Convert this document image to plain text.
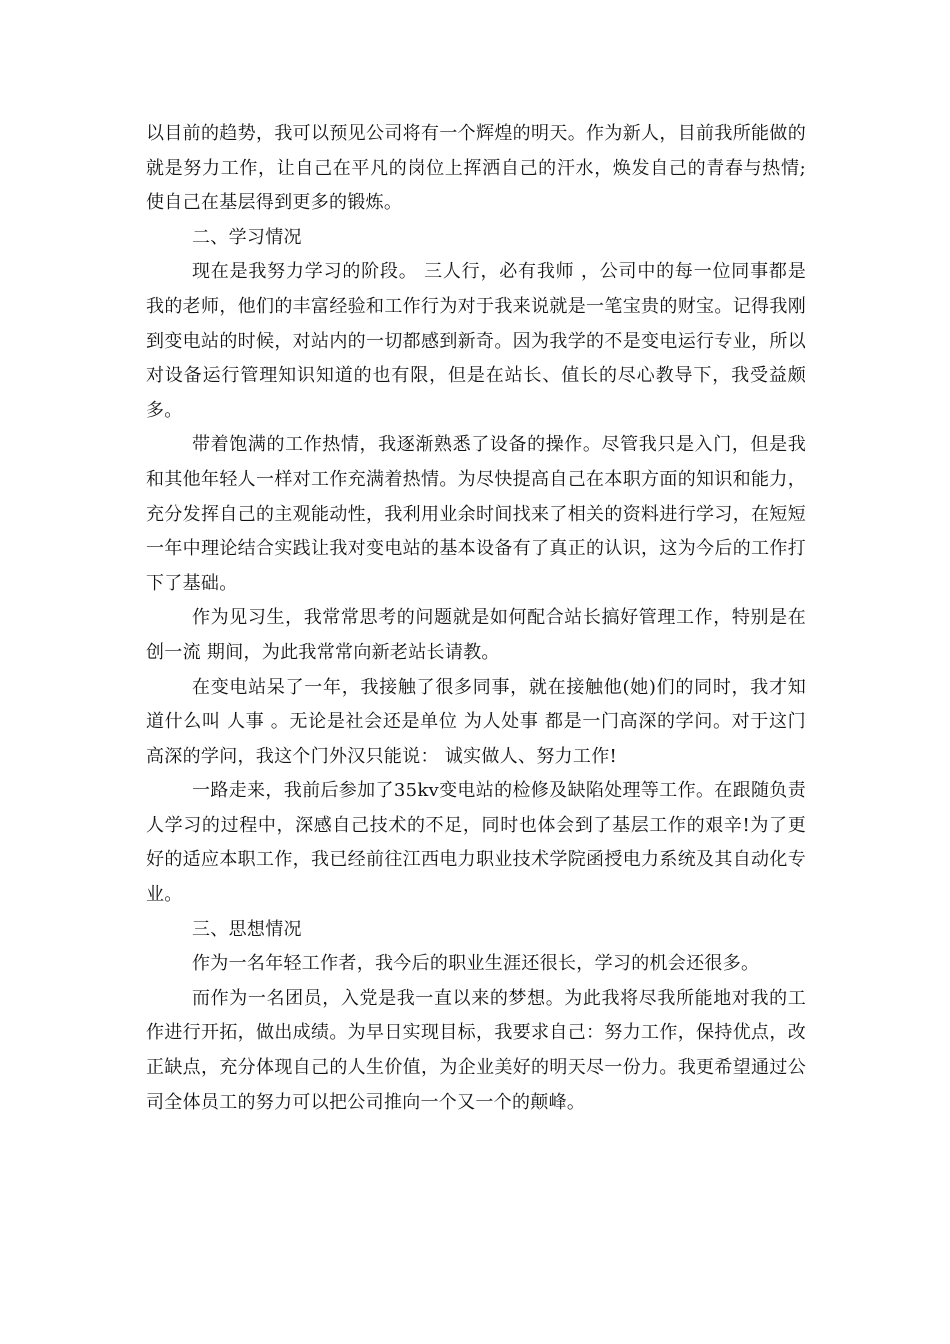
以目前的趋势，我可以预见公司将有一个辉煌的明天。作为新人，目前我所能做的就是努力工作，让自己在平凡的岗位上挥洒自己的汗水，焕发自己的青春与热情;使自己在基层得到更多的锻炼。

二、学习情况

现在是我努力学习的阶段。 三人行，必有我师 ，公司中的每一位同事都是我的老师，他们的丰富经验和工作行为对于我来说就是一笔宝贵的财宝。记得我刚到变电站的时候，对站内的一切都感到新奇。因为我学的不是变电运行专业，所以对设备运行管理知识知道的也有限，但是在站长、值长的尽心教导下，我受益颇多。

带着饱满的工作热情，我逐渐熟悉了设备的操作。尽管我只是入门，但是我和其他年轻人一样对工作充满着热情。为尽快提高自己在本职方面的知识和能力，充分发挥自己的主观能动性，我利用业余时间找来了相关的资料进行学习，在短短一年中理论结合实践让我对变电站的基本设备有了真正的认识，这为今后的工作打下了基础。

作为见习生，我常常思考的问题就是如何配合站长搞好管理工作，特别是在 创一流 期间，为此我常常向新老站长请教。

在变电站呆了一年，我接触了很多同事，就在接触他(她)们的同时，我才知道什么叫 人事 。无论是社会还是单位 为人处事 都是一门高深的学问。对于这门高深的学问，我这个门外汉只能说： 诚实做人、努力工作!

一路走来，我前后参加了35kv变电站的检修及缺陷处理等工作。在跟随负责人学习的过程中，深感自己技术的不足，同时也体会到了基层工作的艰辛!为了更好的适应本职工作，我已经前往江西电力职业技术学院函授电力系统及其自动化专业。

三、思想情况

作为一名年轻工作者，我今后的职业生涯还很长，学习的机会还很多。

而作为一名团员，入党是我一直以来的梦想。为此我将尽我所能地对我的工作进行开拓，做出成绩。为早日实现目标，我要求自己：努力工作，保持优点，改正缺点，充分体现自己的人生价值，为企业美好的明天尽一份力。我更希望通过公司全体员工的努力可以把公司推向一个又一个的颠峰。
